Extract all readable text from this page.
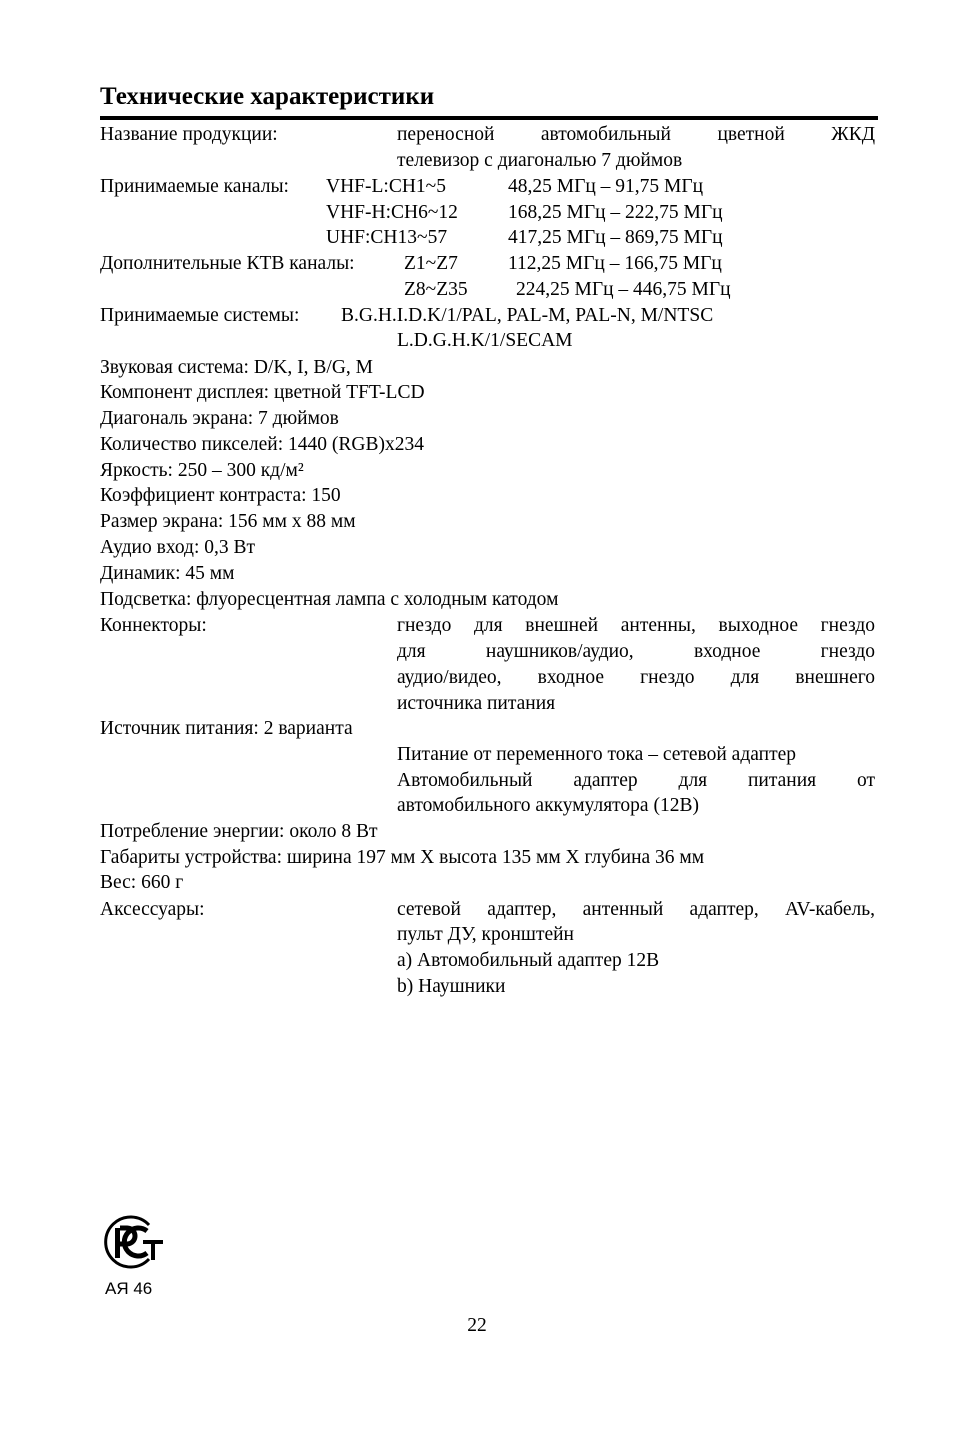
Технические характеристики
Название продукции:	переносной автомобильный цветной ЖКД
телевизор с диагональю 7 дюймов
Принимаемые каналы: VHF-L:CH1~5	48,25 МГц – 91,75 МГц
VHF-H:CH6~12	168,25 МГц – 222,75 МГц
UHF:CH13~57	417,25 МГц – 869,75 МГц
Дополнительные КТВ каналы:	Z1~Z7	112,25 МГц – 166,75 МГц
Z8~Z35 224,25 МГц – 446,75 МГц
Принимаемые системы: B.G.H.I.D.K/1/PAL, PAL-M, PAL-N, M/NTSC
L.D.G.H.K/1/SECAM
Звуковая система: D/K, I, B/G, M
Компонент дисплея: цветной TFT-LCD
Диагональ экрана: 7 дюймов
Количество пикселей: 1440 (RGB)x234
Яркость: 250 – 300 кд/м²
Коэффициент контраста: 150
Размер экрана: 156 мм х 88 мм
Аудио вход: 0,3 Вт
Динамик: 45 мм
Подсветка: флуоресцентная лампа с холодным катодом
Коннекторы:	гнездо для внешней антенны, выходное гнездо
для	наушников/аудио,	входное	гнездо
аудио/видео, входное гнездо для внешнего
источника питания
Источник питания: 2 варианта
Питание от переменного тока – сетевой адаптер
Автомобильный адаптер для питания от
автомобильного аккумулятора (12В)
Потребление энергии: около 8 Вт
Габариты устройства: ширина 197 мм Х высота 135 мм Х глубина 36 мм
Вес: 660 г
Аксессуары:	сетевой адаптер, антенный адаптер, AV-кабель,
пульт ДУ, кронштейн
a) Автомобильный адаптер 12В
b) Наушники
АЯ 46
22
